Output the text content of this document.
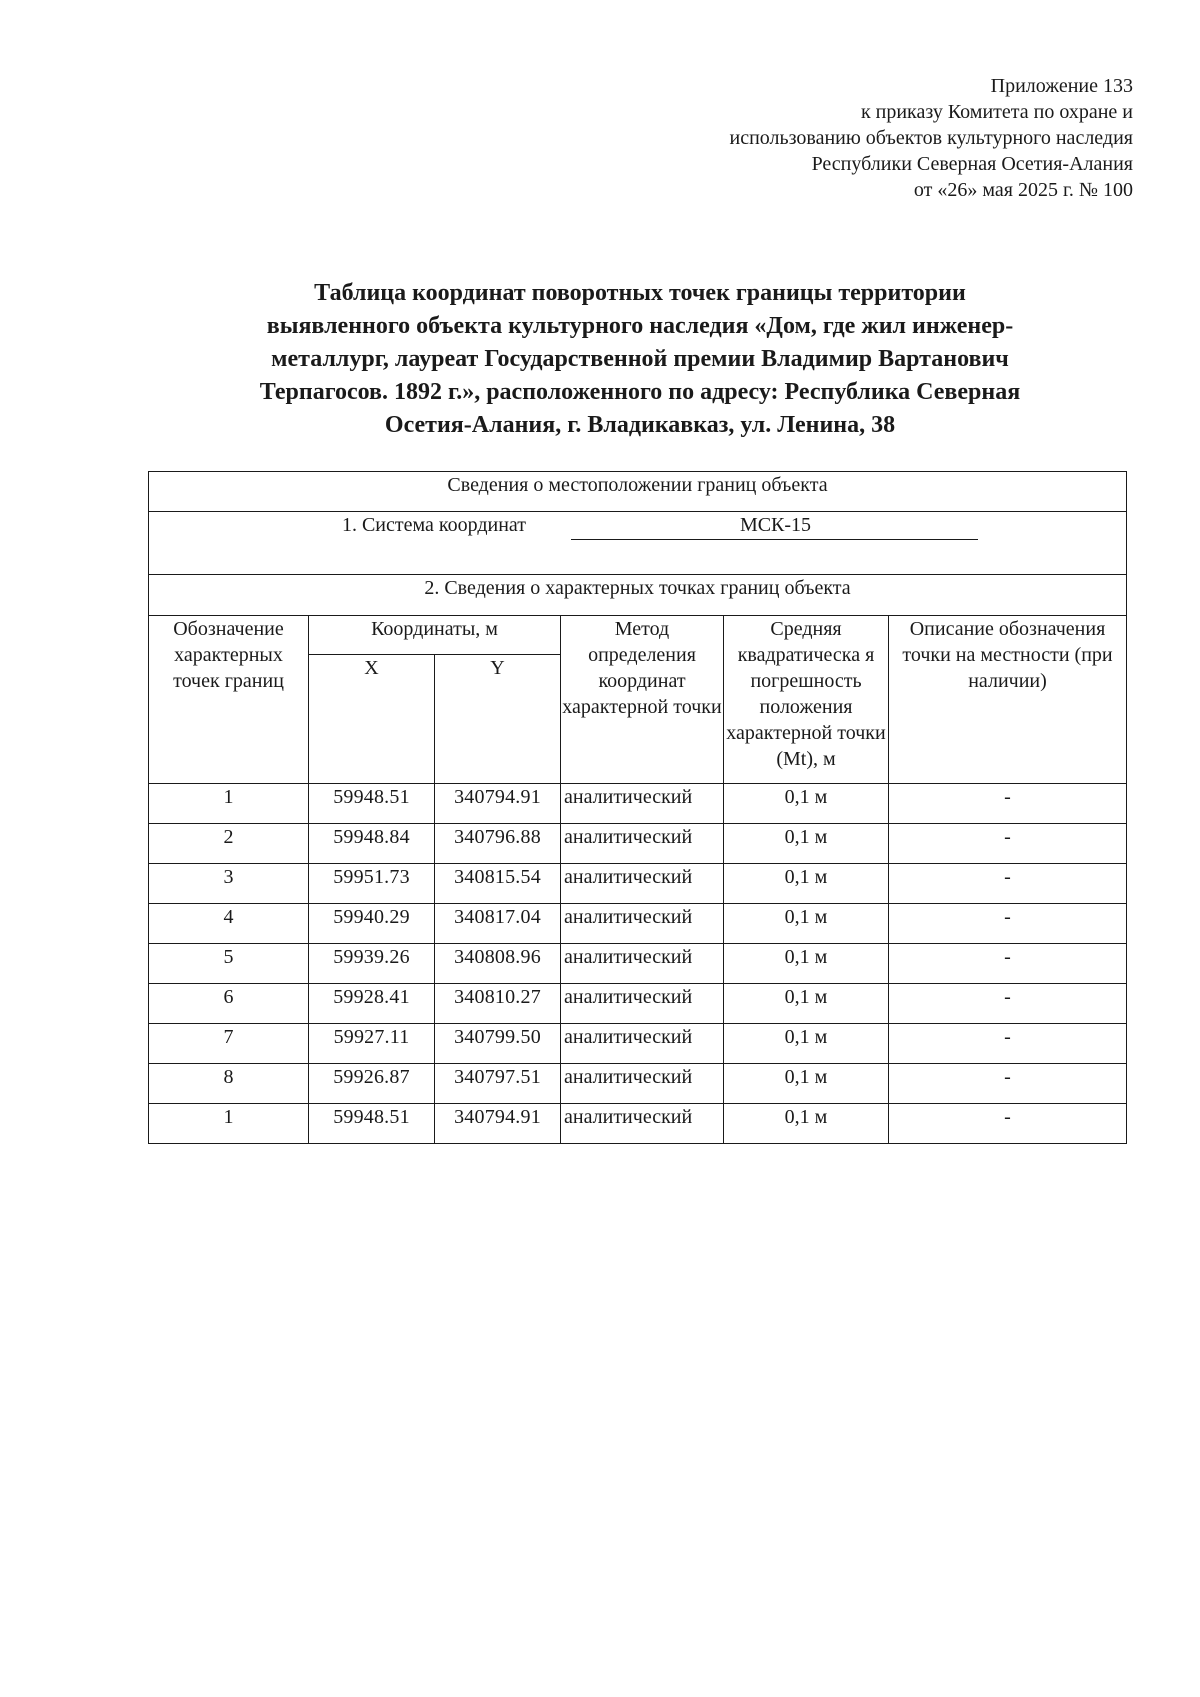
Приложение 133
к приказу Комитета по охране и
использованию объектов культурного наследия
Республики Северная Осетия-Алания
от «26» мая 2025 г. № 100
Таблица координат поворотных точек границы территории
выявленного объекта культурного наследия «Дом, где жил инженер-
металлург, лауреат Государственной премии Владимир Вартанович
Терпагосов. 1892 г.», расположенного по адресу: Республика Северная
Осетия-Алания, г. Владикавказ, ул. Ленина, 38
Сведения о местоположении границ объекта					
1. Система координат МСК-15					
2. Сведения о характерных точках границ объекта					
Обозначение характерных точек границ	Координаты, м		Метод определения координат характерной точки	Средняя квадратическа я погрешность положения характерной точки (Mt), м	Описание обозначения точки на местности (при наличии)
	X	Y			
1	59948.51	340794.91	аналитический	0,1 м	-
2	59948.84	340796.88	аналитический	0,1 м	-
3	59951.73	340815.54	аналитический	0,1 м	-
4	59940.29	340817.04	аналитический	0,1 м	-
5	59939.26	340808.96	аналитический	0,1 м	-
6	59928.41	340810.27	аналитический	0,1 м	-
7	59927.11	340799.50	аналитический	0,1 м	-
8	59926.87	340797.51	аналитический	0,1 м	-
1	59948.51	340794.91	аналитический	0,1 м	-
